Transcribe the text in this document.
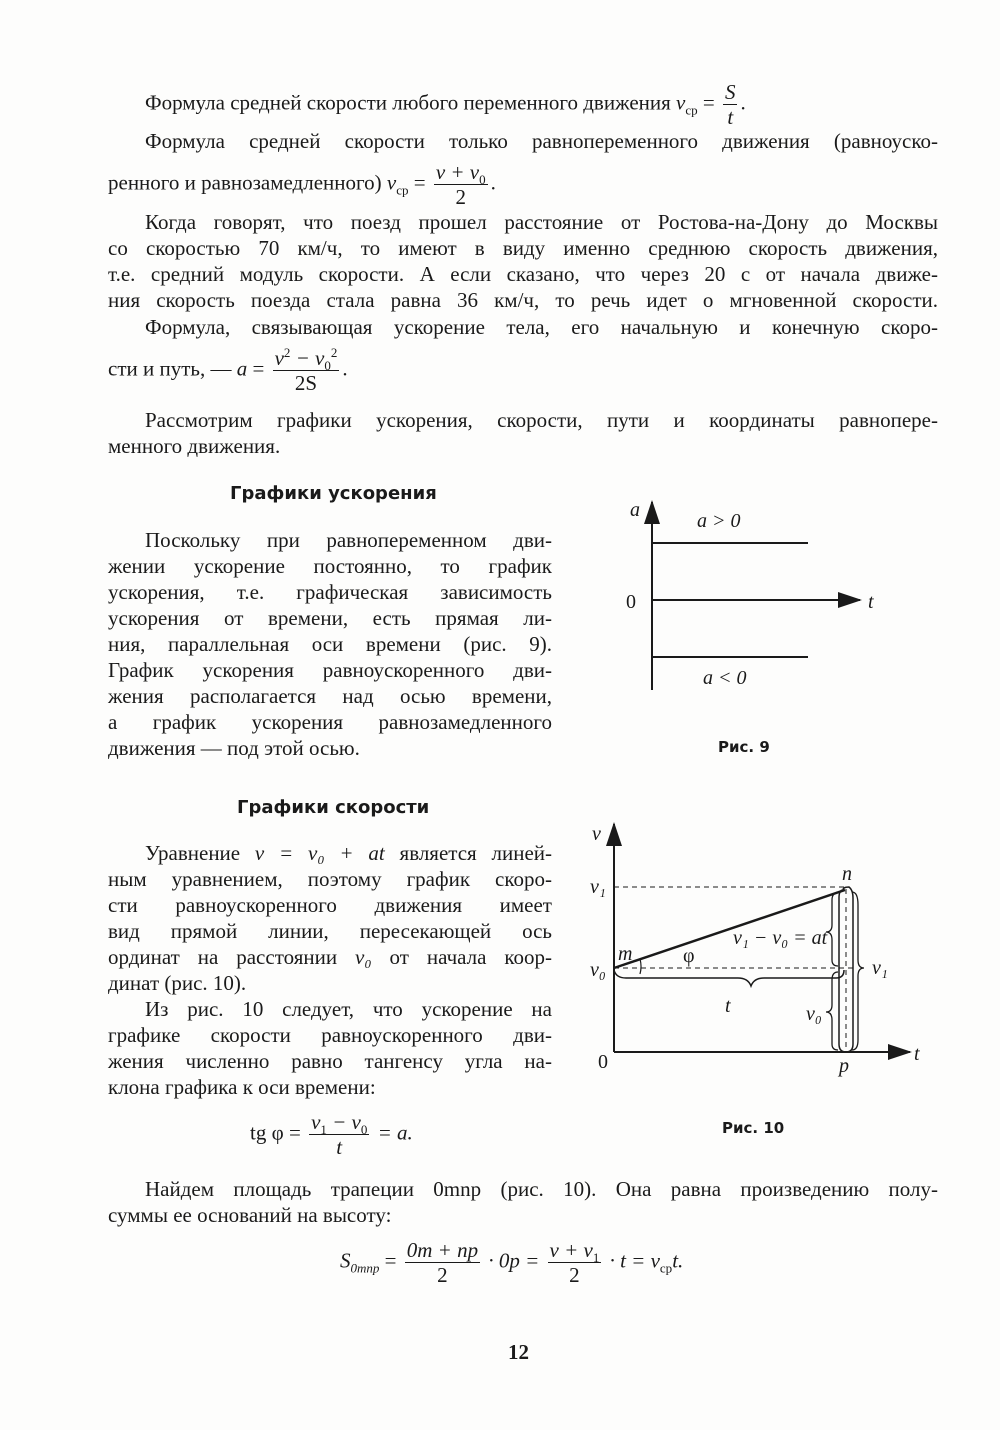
Формула средней скорости любого переменного движения $v_{ср} = \frac{S}{t}$ .
Формула средней скорости только равнопеременного движения (равноуско-
ренного и равнозамедленного) $v_{ср} = \frac{v + v_0}{2}$ .
Когда говорят, что поезд прошел расстояние от Ростова-на-Дону до Москвы
со скоростью 70 км/ч, то имеют в виду именно среднюю скорость движения,
т.е. средний модуль скорости. А если сказано, что через 20 с от начала движе-
ния скорость поезда стала равна 36 км/ч, то речь идет о мгновенной скорости.
Формула, связывающая ускорение тела, его начальную и конечную скоро-
сти и путь, — $a = \frac{v^2 - v_0^2}{2S}$ .
Рассмотрим графики ускорения, скорости, пути и координаты равнопере-
менного движения.
Графики ускорения
Поскольку при равнопеременном дви-
жении ускорение постоянно, то график
ускорения, т.е. графическая зависимость
ускорения от времени, есть прямая ли-
ния, параллельная оси времени (рис. 9).
График ускорения равноускоренного дви-
жения располагается над осью времени,
а график ускорения равнозамедленного
движения — под этой осью.	Рис. 9
Графики скорости
Уравнение v = v₀ + at является линей-
ным уравнением, поэтому график скоро-
сти равноускоренного движения имеет
вид прямой линии, пересекающей ось
ординат на расстоянии v₀ от начала коор-
динат (рис. 10).
Из рис. 10 следует, что ускорение на
графике скорости равноускоренного дви-
жения численно равно тангенсу угла на-
клона графика к оси времени:
tg $\varphi = \frac{v_1 - v_0}{t} = a$.	Рис. 10
Найдем площадь трапеции 0mnp (рис. 10). Она равна произведению полу-
суммы ее оснований на высоту:
$S_{0mnp} = \frac{0m + np}{2} \cdot 0p = \frac{v + v_1}{2} \cdot t = v_{ср}t$.
12
a
0	t
a > 0
a < 0
v
v₁
v₀
0	t
m
n
p
φ
v₁ − v₀ = at
t	v₀
v₁
